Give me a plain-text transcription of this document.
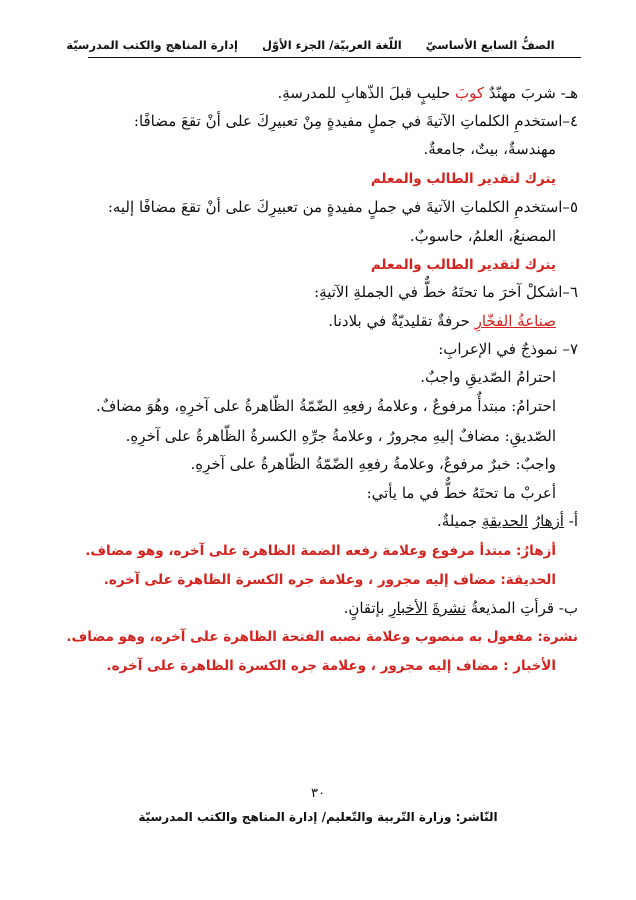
الصفُّ السابع الأساسيّ اللّغة العربيّة/ الجزء الأوّل إدارة المناهج والكتب المدرسيّة
هـ- شربَ مهنّدٌ كوبَ حليبٍ قبلَ الذّهابِ للمدرسةِ.
٤–استخدمِ الكلماتِ الآتيةَ في جملٍ مفيدةٍ مِنْ تعبيرِكَ على أنْ تقعَ مضافًا:
مهندسةٌ، بيتٌ، جامعةٌ.
يترك لتقدير الطالب والمعلم
٥–استخدمِ الكلماتِ الآتيةَ في جملٍ مفيدةٍ من تعبيرِكَ على أنْ تقعَ مضافًا إليه:
المصنعُ، العلمُ، حاسوبٌ.
يترك لتقدير الطالب والمعلم
٦–اشكلْ آخرَ ما تحتَهُ خطٌّ في الجملةِ الآتيةِ:
صناعةُ الفخّارِ حرفةٌ تقليديّةٌ في بلادنا.
٧– نموذجٌ في الإعرابِ:
احترامُ الصّديقِ واجبٌ.
احترامُ: مبتدأٌ مرفوعٌ ، وعلامةُ رفعِهِ الضّمّةُ الظّاهرةُ على آخرِهِ، وهُوَ مضافٌ.
الصّديقِ: مضافٌ إليهِ مجرورٌ ، وعلامةُ جرِّهِ الكسرةُ الظّاهرةُ على آخرِهِ.
واجبٌ: خبرٌ مرفوعٌ، وعلامةُ رفعِهِ الضّمّةُ الظّاهرةُ على آخرِهِ.
أعربْ ما تحتَهُ خطٌّ في ما يأتي:
أ- أزهارُ الحديقةِ جميلةٌ.
أزهارُ: مبتدأ مرفوع وعلامة رفعه الضمة الظاهرة على آخره، وهو مضاف.
الحديقة: مضاف إليه مجرور ، وعلامة جره الكسرة الظاهرة على آخره.
ب- قرأتِ المذيعةُ نشرةَ الأخبارِ بإتقانٍ.
نشرة: مفعول به منصوب وعلامة نصبه الفتحة الظاهرة على آخره، وهو مضاف.
الأخبار : مضاف إليه مجرور ، وعلامة جره الكسرة الظاهرة على آخره.
٣٠
النّاشر: وزارة التّربية والتّعليم/ إدارة المناهج والكتب المدرسيّة
